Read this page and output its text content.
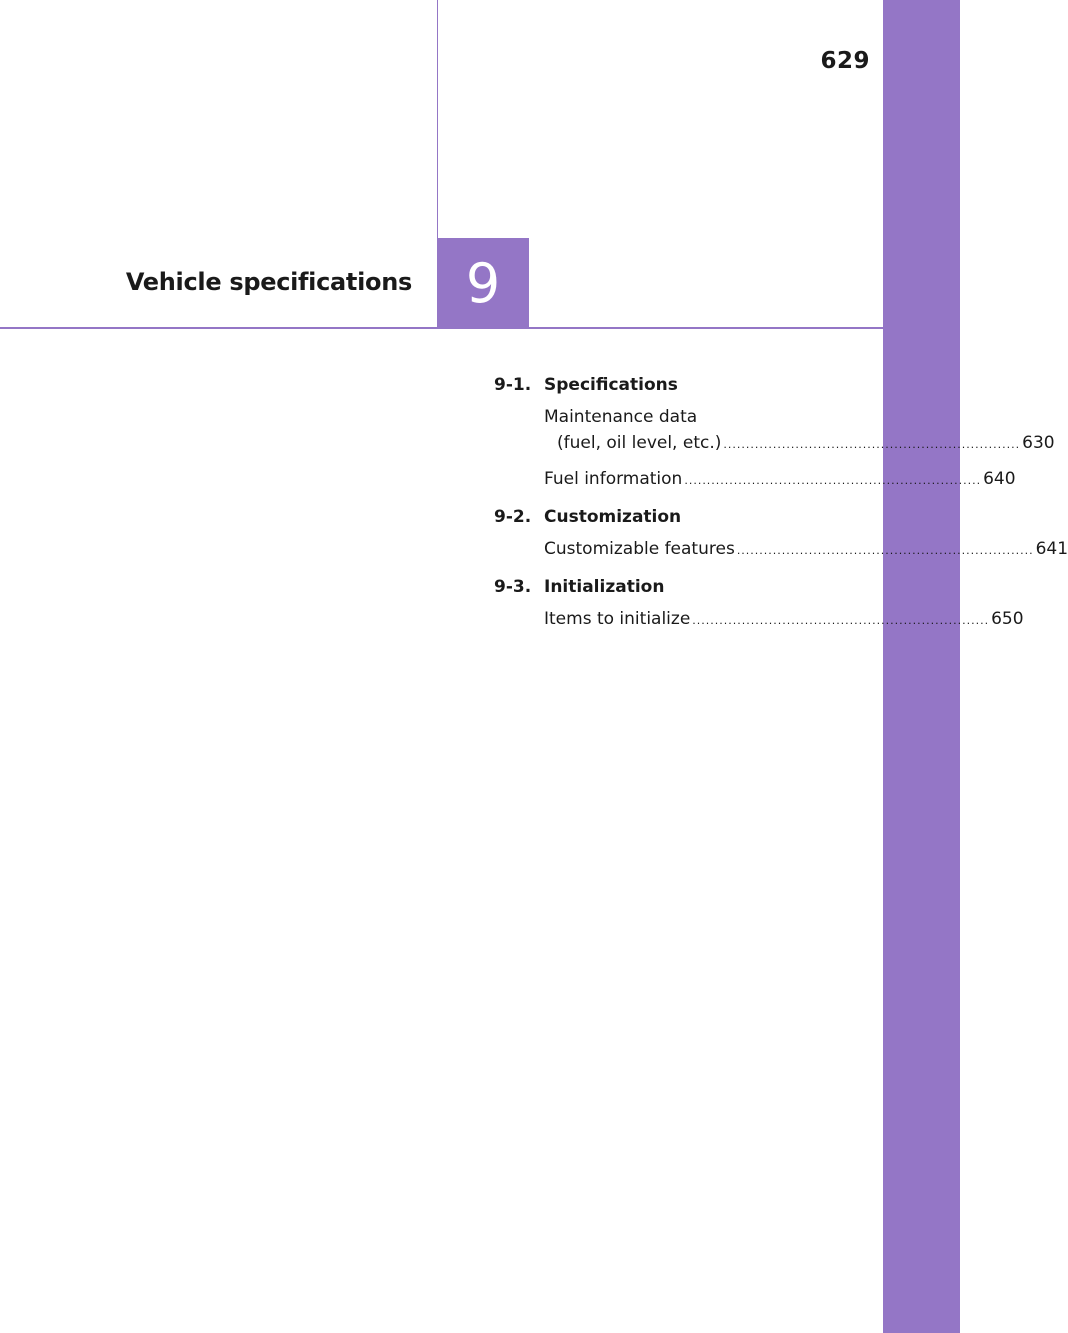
629
Vehicle specifications 9
9-1. Specifications
Maintenance data
(fuel, oil level, etc.) .................................................................. 630
Fuel information .................................................................. 640
9-2. Customization
Customizable features .................................................................. 641
9-3. Initialization
Items to initialize .................................................................. 650
